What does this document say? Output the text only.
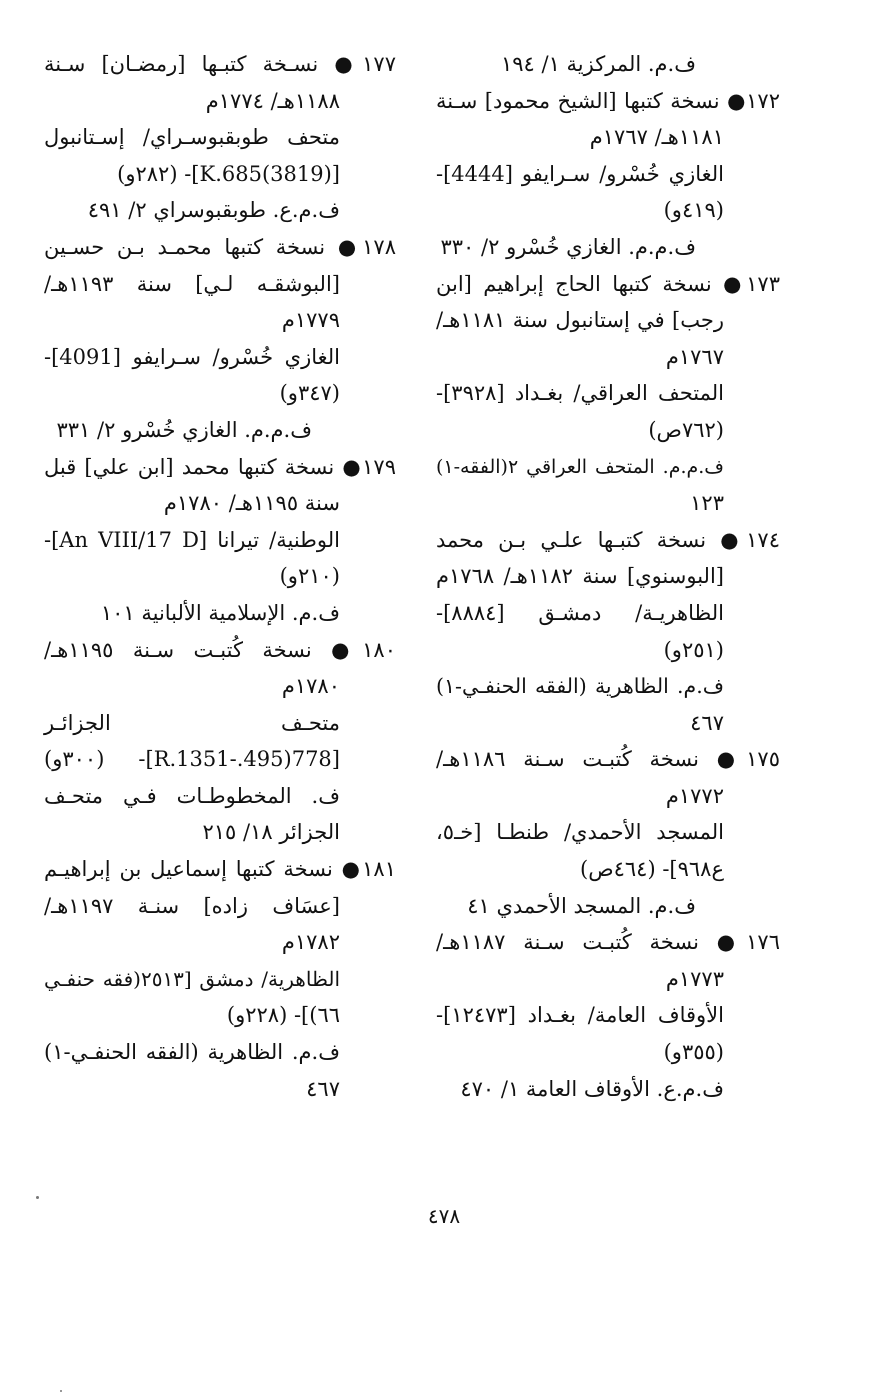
ف.م. المركزية ١/ ١٩٤
١٧٢● نسخة كتبها [الشيخ محمود] سـنة
١١٨١هـ/ ١٧٦٧م
الغازي خُسْرو/ سـرايفو [4444]-
(٤١٩و)
ف.م.م. الغازي خُسْرو ٢/ ٣٣٠
١٧٣● نسخة كتبها الحاج إبراهيم [ابن
رجب] في إستانبول سنة ١١٨١هـ/
١٧٦٧م
المتحف العراقي/ بغـداد [٣٩٢٨]-
(٧٦٢ص)
ف.م.م. المتحف العراقي ٢(الفقه-١)
١٢٣
١٧٤● نسخة كتبـها علـي بـن محمد
[البوسنوي] سنة ١١٨٢هـ/ ١٧٦٨م
الظاهريـة/ دمشـق [٨٨٨٤]-
(٢٥١و)
ف.م. الظاهرية (الفقه الحنفـي-١)
٤٦٧
١٧٥● نسخة كُتبـت سـنة ١١٨٦هـ/
١٧٧٢م
المسجد الأحمدي/ طنطـا [خـ٥،
ع٩٦٨]- (٤٦٤ص)
ف.م. المسجد الأحمدي ٤١
١٧٦● نسخة كُتبـت سـنة ١١٨٧هـ/
١٧٧٣م
الأوقاف العامة/ بغـداد [١٢٤٧٣]-
(٣٥٥و)
ف.م.ع. الأوقاف العامة ١/ ٤٧٠
١٧٧● نسـخة كتبـها [رمضـان] سـنة
١١٨٨هـ/ ١٧٧٤م
متحف طوبقبوسـراي/ إسـتانبول
[(3819)K.685]- (٢٨٢و)
ف.م.ع. طوبقبوسراي ٢/ ٤٩١
١٧٨● نسخة كتبها محمـد بـن حسـين
[البوشقـه لـي] سنة ١١٩٣هـ/
١٧٧٩م
الغازي خُسْرو/ سـرايفو [4091]-
(٣٤٧و)
ف.م.م. الغازي خُسْرو ٢/ ٣٣١
١٧٩● نسخة كتبها محمد [ابن علي] قبل
سنة ١١٩٥هـ/ ١٧٨٠م
الوطنية/ تيرانا [An VIII/17 D]-
(٢١٠و)
ف.م. الإسلامية الألبانية ١٠١
١٨٠● نسخة كُتبـت سـنة ١١٩٥هـ/
١٧٨٠م
متحـف الجزائـر
[778(495.-R.1351]- (٣٠٠و)
ف. المخطوطـات فـي متحـف
الجزائر ١٨/ ٢١٥
١٨١● نسخة كتبها إسماعيل بن إبراهيـم
[عسَاف زاده] سنـة ١١٩٧هـ/
١٧٨٢م
الظاهرية/ دمشق [٢٥١٣(فقه حنفـي
٦٦)]- (٢٢٨و)
ف.م. الظاهرية (الفقه الحنفـي-١)
٤٦٧
٤٧٨
